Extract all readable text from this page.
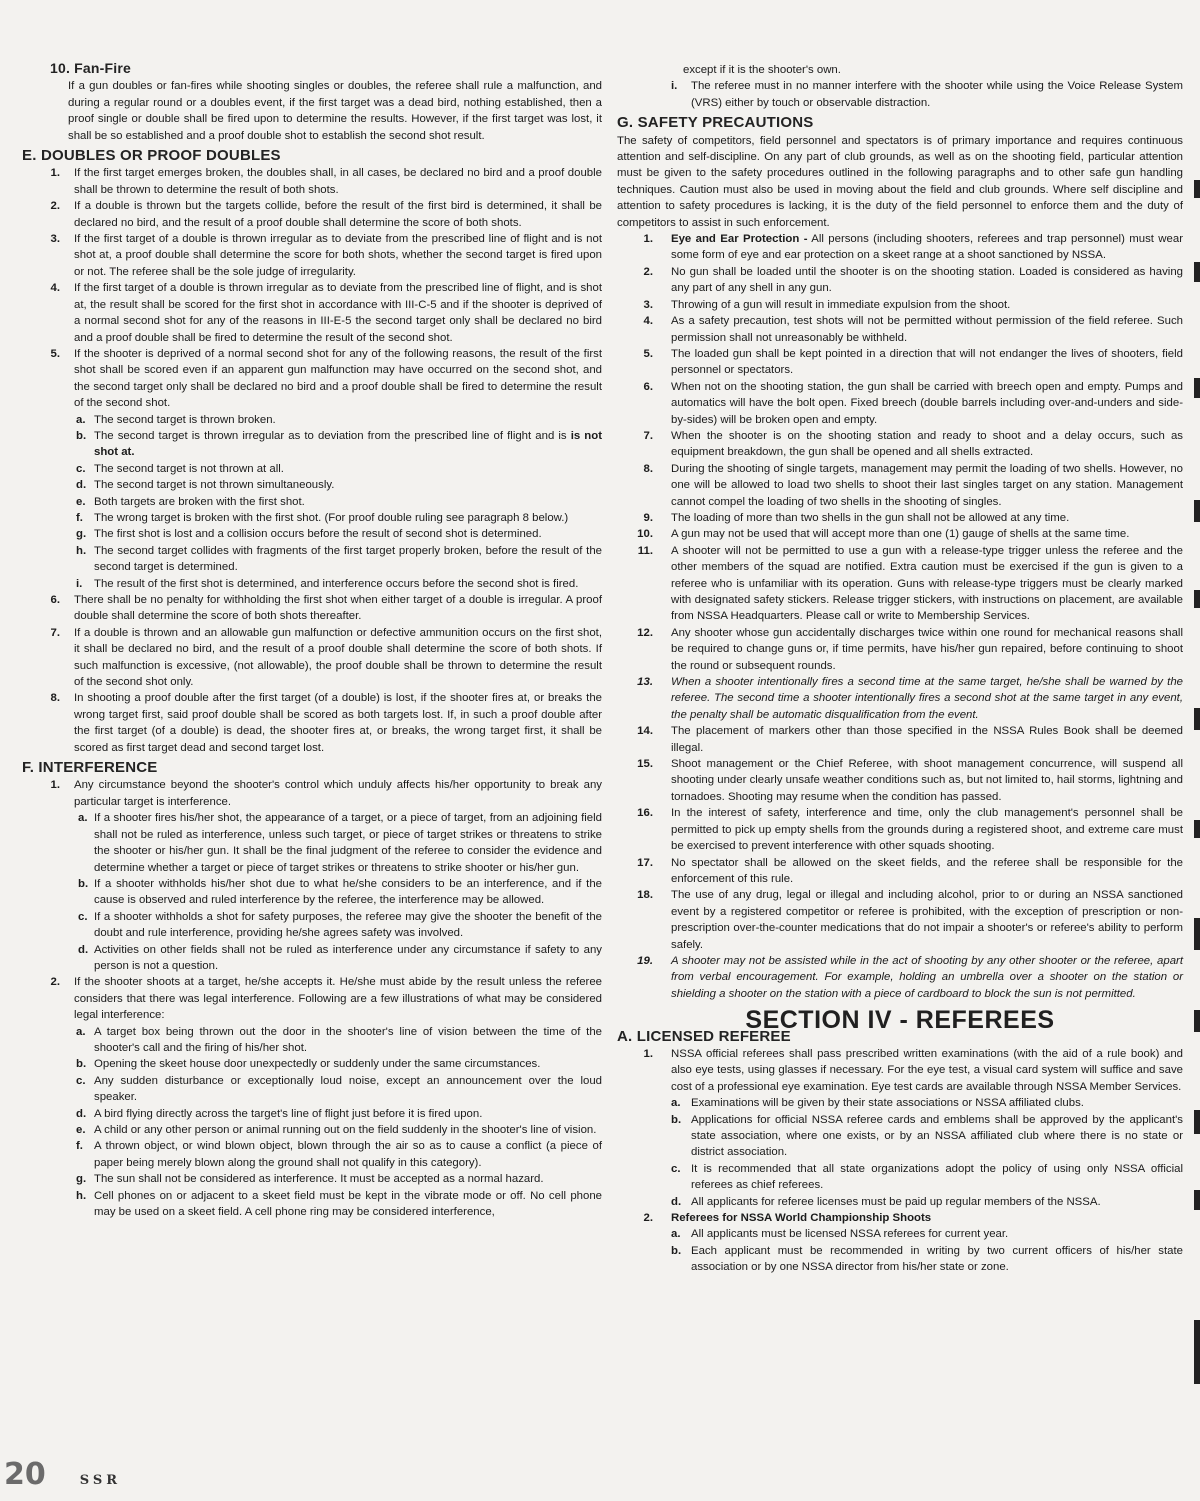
10. Fan-Fire
If a gun doubles or fan-fires while shooting singles or doubles, the referee shall rule a malfunction, and during a regular round or a doubles event, if the first target was a dead bird, nothing established, then a proof single or double shall be fired upon to determine the results. However, if the first target was lost, it shall be so established and a proof double shot to establish the second shot result.
E. DOUBLES OR PROOF DOUBLES
1. If the first target emerges broken, the doubles shall, in all cases, be declared no bird and a proof double shall be thrown to determine the result of both shots.
2. If a double is thrown but the targets collide, before the result of the first bird is determined, it shall be declared no bird, and the result of a proof double shall determine the score of both shots.
3. If the first target of a double is thrown irregular as to deviate from the prescribed line of flight and is not shot at, a proof double shall determine the score for both shots, whether the second target is fired upon or not. The referee shall be the sole judge of irregularity.
4. If the first target of a double is thrown irregular as to deviate from the prescribed line of flight, and is shot at, the result shall be scored for the first shot in accordance with III-C-5 and if the shooter is deprived of a normal second shot for any of the reasons in III-E-5 the second target only shall be declared no bird and a proof double shall be fired to determine the result of the second shot.
5. If the shooter is deprived of a normal second shot for any of the following reasons, the result of the first shot shall be scored even if an apparent gun malfunction may have occurred on the second shot, and the second target only shall be declared no bird and a proof double shall be fired to determine the result of the second shot.
a. The second target is thrown broken.
b. The second target is thrown irregular as to deviation from the prescribed line of flight and is is not shot at.
c. The second target is not thrown at all.
d. The second target is not thrown simultaneously.
e. Both targets are broken with the first shot.
f. The wrong target is broken with the first shot. (For proof double ruling see paragraph 8 below.)
g. The first shot is lost and a collision occurs before the result of second shot is determined.
h. The second target collides with fragments of the first target properly broken, before the result of the second target is determined.
i. The result of the first shot is determined, and interference occurs before the second shot is fired.
6. There shall be no penalty for withholding the first shot when either target of a double is irregular. A proof double shall determine the score of both shots thereafter.
7. If a double is thrown and an allowable gun malfunction or defective ammunition occurs on the first shot, it shall be declared no bird, and the result of a proof double shall determine the score of both shots. If such malfunction is excessive, (not allowable), the proof double shall be thrown to determine the result of the second shot only.
8. In shooting a proof double after the first target (of a double) is lost, if the shooter fires at, or breaks the wrong target first, said proof double shall be scored as both targets lost. If, in such a proof double after the first target (of a double) is dead, the shooter fires at, or breaks, the wrong target first, it shall be scored as first target dead and second target lost.
F. INTERFERENCE
1. Any circumstance beyond the shooter's control which unduly affects his/her opportunity to break any particular target is interference.
a. If a shooter fires his/her shot, the appearance of a target, or a piece of target, from an adjoining field shall not be ruled as interference, unless such target, or piece of target strikes or threatens to strike the shooter or his/her gun. It shall be the final judgment of the referee to consider the evidence and determine whether a target or piece of target strikes or threatens to strike shooter or his/her gun.
b. If a shooter withholds his/her shot due to what he/she considers to be an interference, and if the cause is observed and ruled interference by the referee, the interference may be allowed.
c. If a shooter withholds a shot for safety purposes, the referee may give the shooter the benefit of the doubt and rule interference, providing he/she agrees safety was involved.
d. Activities on other fields shall not be ruled as interference under any circumstance if safety to any person is not a question.
2. If the shooter shoots at a target, he/she accepts it. He/she must abide by the result unless the referee considers that there was legal interference. Following are a few illustrations of what may be considered legal interference:
a. A target box being thrown out the door in the shooter's line of vision between the time of the shooter's call and the firing of his/her shot.
b. Opening the skeet house door unexpectedly or suddenly under the same circumstances.
c. Any sudden disturbance or exceptionally loud noise, except an announcement over the loud speaker.
d. A bird flying directly across the target's line of flight just before it is fired upon.
e. A child or any other person or animal running out on the field suddenly in the shooter's line of vision.
f. A thrown object, or wind blown object, blown through the air so as to cause a conflict (a piece of paper being merely blown along the ground shall not qualify in this category).
g. The sun shall not be considered as interference. It must be accepted as a normal hazard.
h. Cell phones on or adjacent to a skeet field must be kept in the vibrate mode or off. No cell phone may be used on a skeet field. A cell phone ring may be considered interference,
except if it is the shooter's own.
i. The referee must in no manner interfere with the shooter while using the Voice Release System (VRS) either by touch or observable distraction.
G. SAFETY PRECAUTIONS
The safety of competitors, field personnel and spectators is of primary importance and requires continuous attention and self-discipline. On any part of club grounds, as well as on the shooting field, particular attention must be given to the safety procedures outlined in the following paragraphs and to other safe gun handling techniques. Caution must also be used in moving about the field and club grounds. Where self discipline and attention to safety procedures is lacking, it is the duty of the field personnel to enforce them and the duty of competitors to assist in such enforcement.
1. Eye and Ear Protection - All persons (including shooters, referees and trap personnel) must wear some form of eye and ear protection on a skeet range at a shoot sanctioned by NSSA.
2. No gun shall be loaded until the shooter is on the shooting station. Loaded is considered as having any part of any shell in any gun.
3. Throwing of a gun will result in immediate expulsion from the shoot.
4. As a safety precaution, test shots will not be permitted without permission of the field referee. Such permission shall not unreasonably be withheld.
5. The loaded gun shall be kept pointed in a direction that will not endanger the lives of shooters, field personnel or spectators.
6. When not on the shooting station, the gun shall be carried with breech open and empty. Pumps and automatics will have the bolt open. Fixed breech (double barrels including over-and-unders and side-by-sides) will be broken open and empty.
7. When the shooter is on the shooting station and ready to shoot and a delay occurs, such as equipment breakdown, the gun shall be opened and all shells extracted.
8. During the shooting of single targets, management may permit the loading of two shells. However, no one will be allowed to load two shells to shoot their last singles target on any station. Management cannot compel the loading of two shells in the shooting of singles.
9. The loading of more than two shells in the gun shall not be allowed at any time.
10. A gun may not be used that will accept more than one (1) gauge of shells at the same time.
11. A shooter will not be permitted to use a gun with a release-type trigger unless the referee and the other members of the squad are notified. Extra caution must be exercised if the gun is given to a referee who is unfamiliar with its operation. Guns with release-type triggers must be clearly marked with designated safety stickers. Release trigger stickers, with instructions on placement, are available from NSSA Headquarters. Please call or write to Membership Services.
12. Any shooter whose gun accidentally discharges twice within one round for mechanical reasons shall be required to change guns or, if time permits, have his/her gun repaired, before continuing to shoot the round or subsequent rounds.
13. When a shooter intentionally fires a second time at the same target, he/she shall be warned by the referee. The second time a shooter intentionally fires a second shot at the same target in any event, the penalty shall be automatic disqualification from the event.
14. The placement of markers other than those specified in the NSSA Rules Book shall be deemed illegal.
15. Shoot management or the Chief Referee, with shoot management concurrence, will suspend all shooting under clearly unsafe weather conditions such as, but not limited to, hail storms, lightning and tornadoes. Shooting may resume when the condition has passed.
16. In the interest of safety, interference and time, only the club management's personnel shall be permitted to pick up empty shells from the grounds during a registered shoot, and extreme care must be exercised to prevent interference with other squads shooting.
17. No spectator shall be allowed on the skeet fields, and the referee shall be responsible for the enforcement of this rule.
18. The use of any drug, legal or illegal and including alcohol, prior to or during an NSSA sanctioned event by a registered competitor or referee is prohibited, with the exception of prescription or non-prescription over-the-counter medications that do not impair a shooter's or referee's ability to perform safely.
19. A shooter may not be assisted while in the act of shooting by any other shooter or the referee, apart from verbal encouragement. For example, holding an umbrella over a shooter on the station or shielding a shooter on the station with a piece of cardboard to block the sun is not permitted.
SECTION IV - REFEREES
A. LICENSED REFEREE
1. NSSA official referees shall pass prescribed written examinations (with the aid of a rule book) and also eye tests, using glasses if necessary. For the eye test, a visual card system will suffice and save cost of a professional eye examination. Eye test cards are available through NSSA Member Services.
a. Examinations will be given by their state associations or NSSA affiliated clubs.
b. Applications for official NSSA referee cards and emblems shall be approved by the applicant's state association, where one exists, or by an NSSA affiliated club where there is no state or district association.
c. It is recommended that all state organizations adopt the policy of using only NSSA official referees as chief referees.
d. All applicants for referee licenses must be paid up regular members of the NSSA.
2. Referees for NSSA World Championship Shoots
a. All applicants must be licensed NSSA referees for current year.
b. Each applicant must be recommended in writing by two current officers of his/her state association or by one NSSA director from his/her state or zone.
20	SSR
